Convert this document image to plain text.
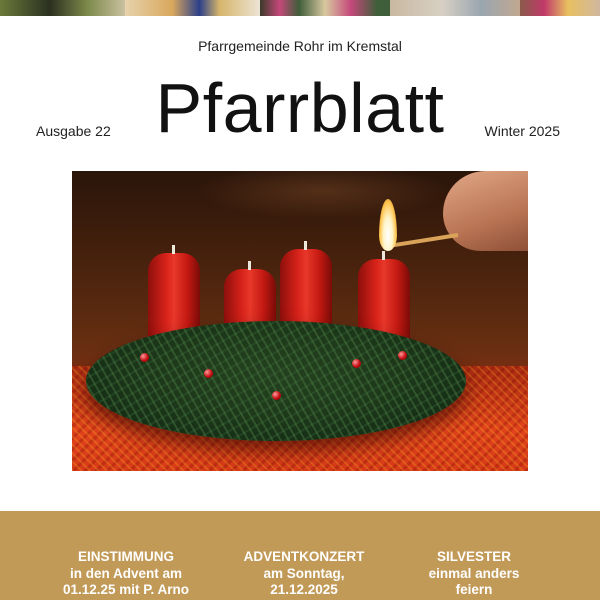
Pfarrgemeinde Rohr im Kremstal
Pfarrblatt
Ausgabe 22	Winter 2025
EINSTIMMUNG
in den Advent am
01.12.25 mit P. Arno
ADVENTKONZERT
am Sonntag,
21.12.2025
SILVESTER
einmal anders
feiern
